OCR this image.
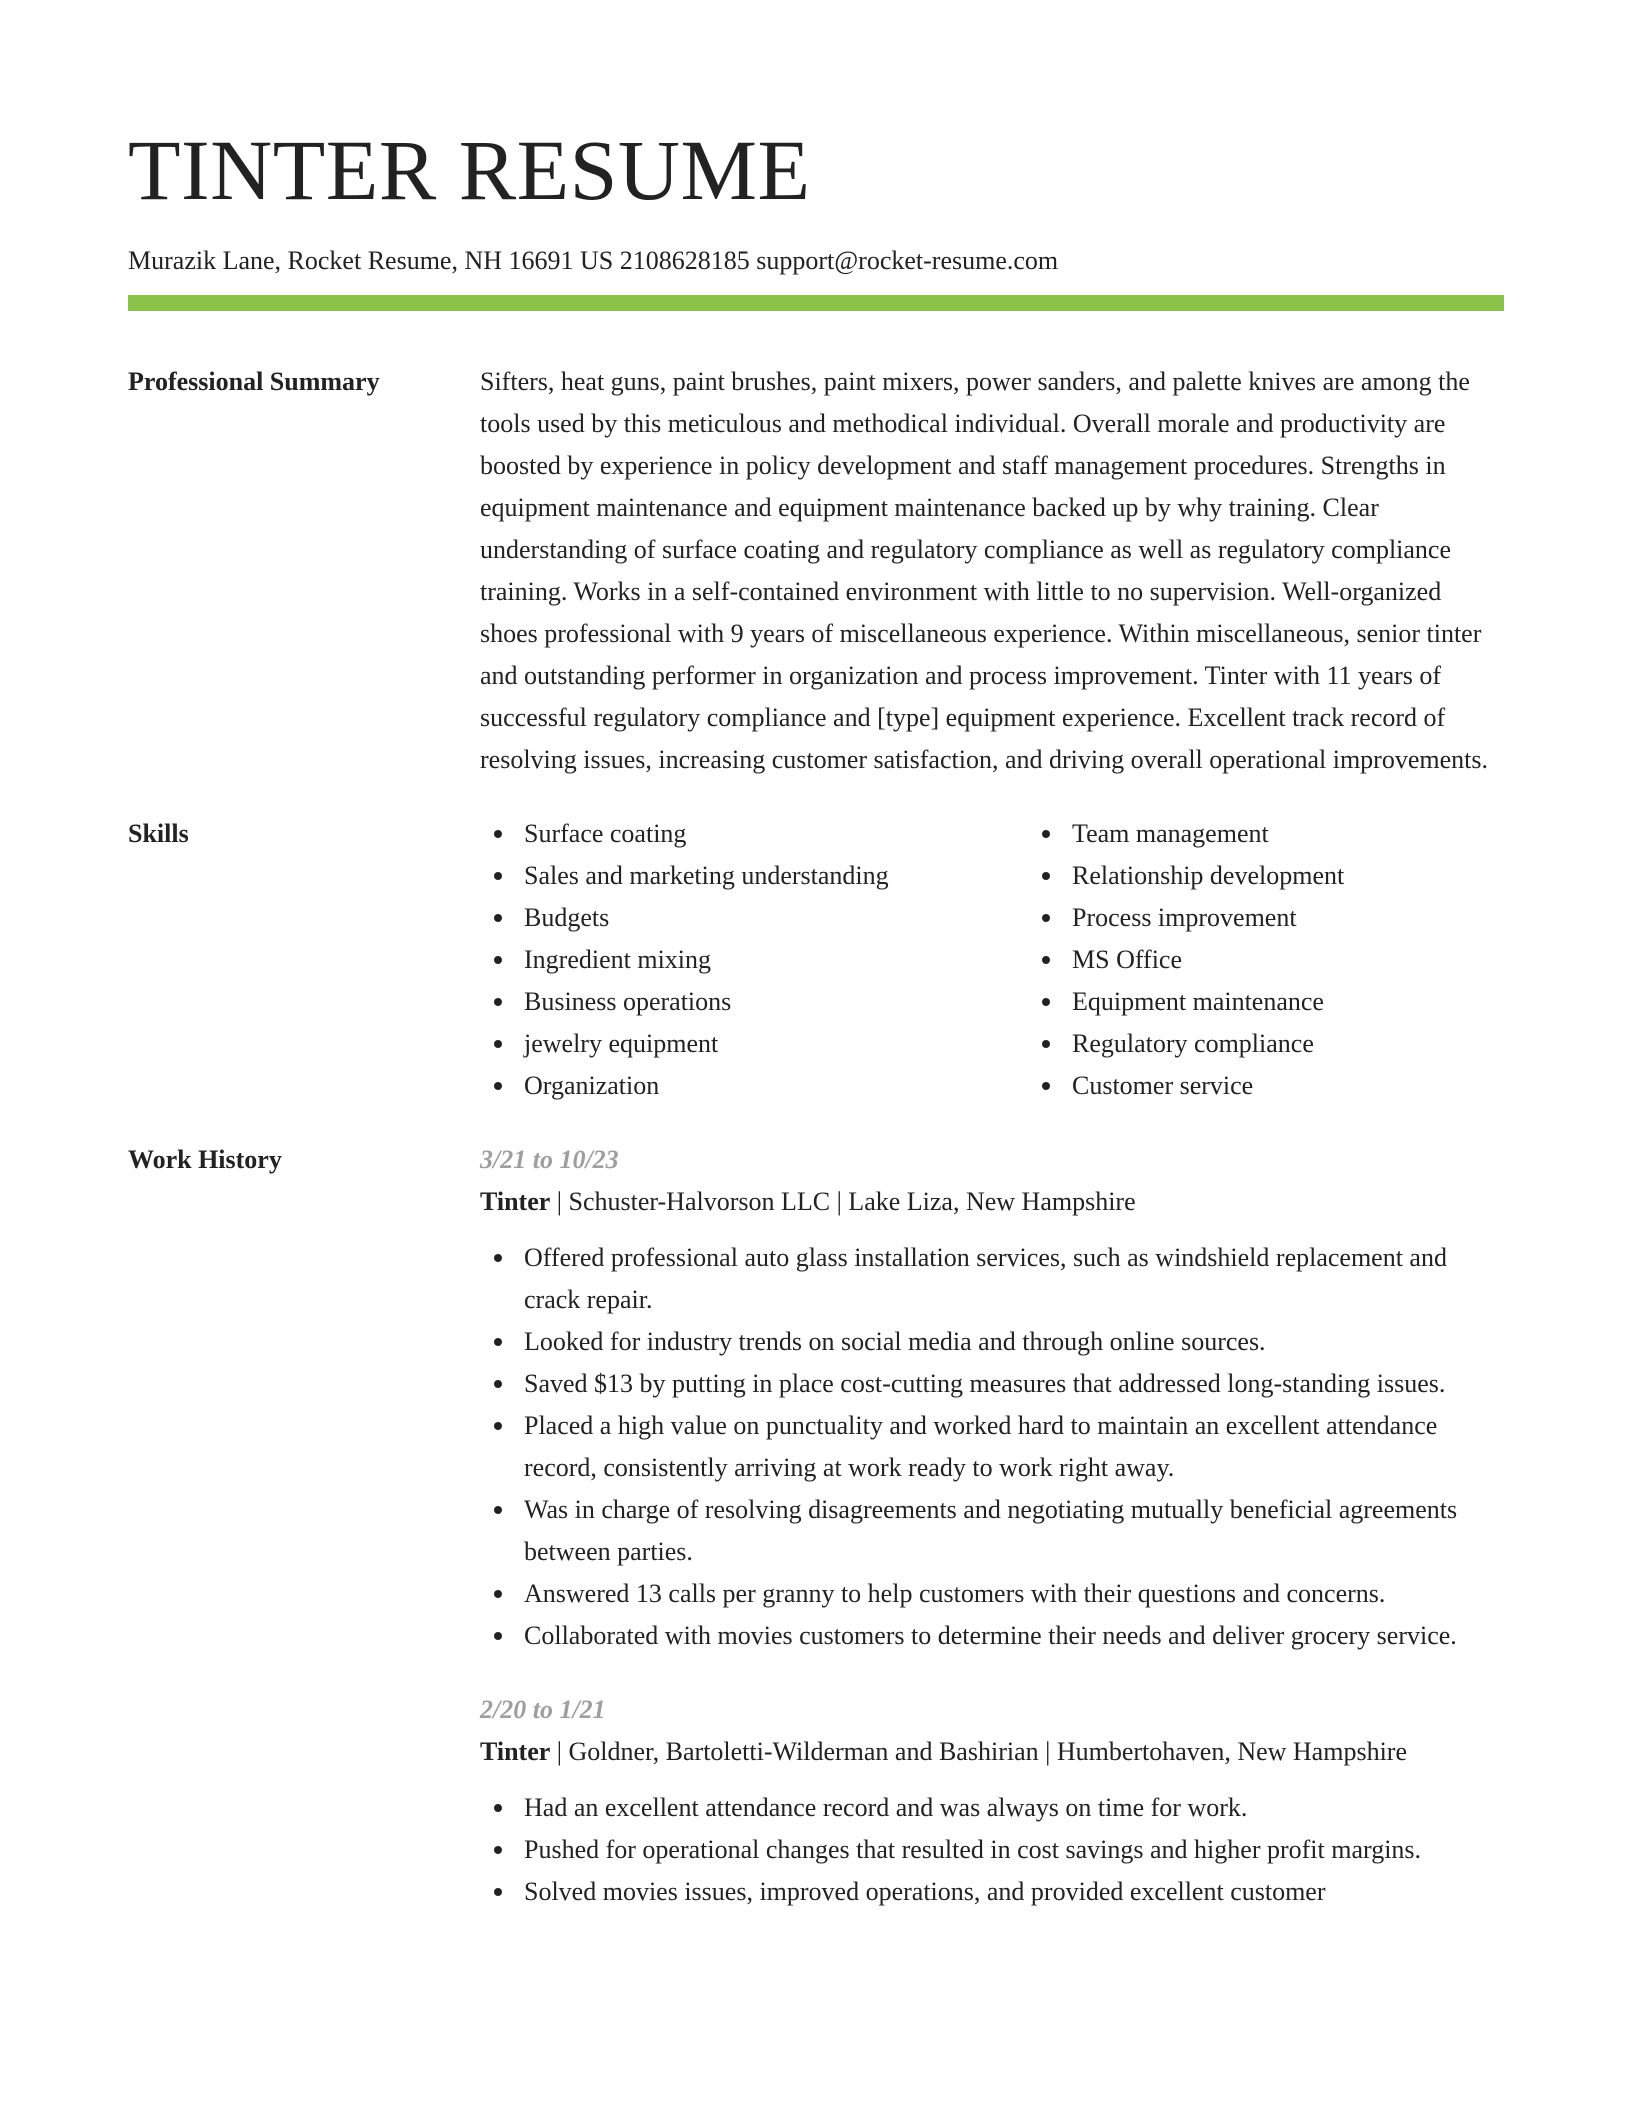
TINTER RESUME
Murazik Lane, Rocket Resume, NH 16691 US 2108628185 support@rocket-resume.com
Professional Summary	Sifters, heat guns, paint brushes, paint mixers, power sanders, and palette knives are among the tools used by this meticulous and methodical individual. Overall morale and productivity are boosted by experience in policy development and staff management procedures. Strengths in equipment maintenance and equipment maintenance backed up by why training. Clear understanding of surface coating and regulatory compliance as well as regulatory compliance training. Works in a self-contained environment with little to no supervision. Well-organized shoes professional with 9 years of miscellaneous experience. Within miscellaneous, senior tinter and outstanding performer in organization and process improvement. Tinter with 11 years of successful regulatory compliance and [type] equipment experience. Excellent track record of resolving issues, increasing customer satisfaction, and driving overall operational improvements.

Skills	Surface coating
Sales and marketing understanding
Budgets
Ingredient mixing
Business operations
jewelry equipment
Organization
Team management
Relationship development
Process improvement
MS Office
Equipment maintenance
Regulatory compliance
Customer service
Work History	3/21 to 10/23
Tinter | Schuster-Halvorson LLC | Lake Liza, New Hampshire
Offered professional auto glass installation services, such as windshield replacement and crack repair.
Looked for industry trends on social media and through online sources.
Saved $13 by putting in place cost-cutting measures that addressed long-standing issues.
Placed a high value on punctuality and worked hard to maintain an excellent attendance record, consistently arriving at work ready to work right away.
Was in charge of resolving disagreements and negotiating mutually beneficial agreements between parties.
Answered 13 calls per granny to help customers with their questions and concerns.
Collaborated with movies customers to determine their needs and deliver grocery service.
2/20 to 1/21
Tinter | Goldner, Bartoletti-Wilderman and Bashirian | Humbertohaven, New Hampshire
Had an excellent attendance record and was always on time for work.
Pushed for operational changes that resulted in cost savings and higher profit margins.
Solved movies issues, improved operations, and provided excellent customer
